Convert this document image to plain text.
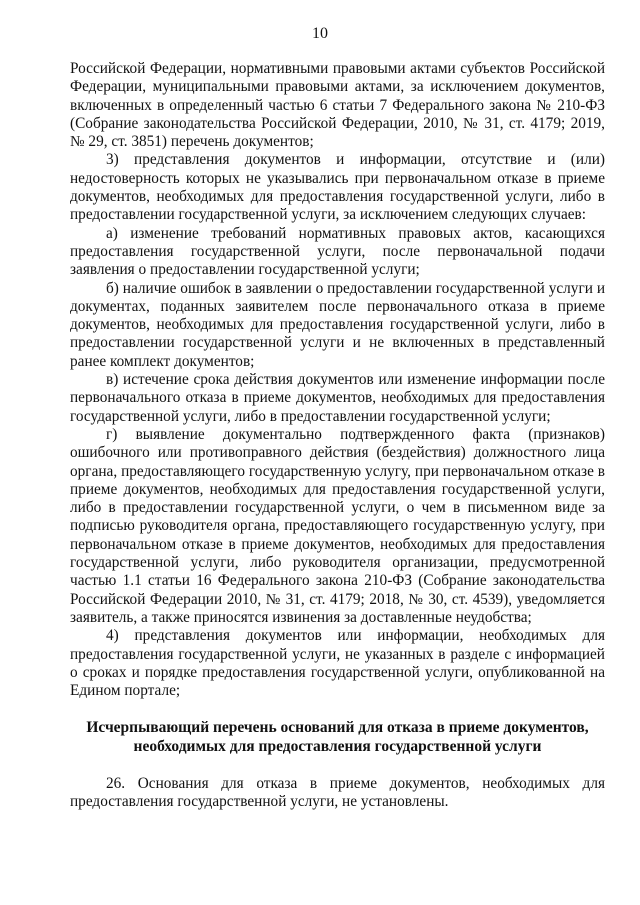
10

Российской Федерации, нормативными правовыми актами субъектов Российской Федерации, муниципальными правовыми актами, за исключением документов, включенных в определенный частью 6 статьи 7 Федерального закона № 210-ФЗ (Собрание законодательства Российской Федерации, 2010, № 31, ст. 4179; 2019, № 29, ст. 3851) перечень документов;

3) представления документов и информации, отсутствие и (или) недостоверность которых не указывались при первоначальном отказе в приеме документов, необходимых для предоставления государственной услуги, либо в предоставлении государственной услуги, за исключением следующих случаев:

а) изменение требований нормативных правовых актов, касающихся предоставления государственной услуги, после первоначальной подачи заявления о предоставлении государственной услуги;

б) наличие ошибок в заявлении о предоставлении государственной услуги и документах, поданных заявителем после первоначального отказа в приеме документов, необходимых для предоставления государственной услуги, либо в предоставлении государственной услуги и не включенных в представленный ранее комплект документов;

в) истечение срока действия документов или изменение информации после первоначального отказа в приеме документов, необходимых для предоставления государственной услуги, либо в предоставлении государственной услуги;

г) выявление документально подтвержденного факта (признаков) ошибочного или противоправного действия (бездействия) должностного лица органа, предоставляющего государственную услугу, при первоначальном отказе в приеме документов, необходимых для предоставления государственной услуги, либо в предоставлении государственной услуги, о чем в письменном виде за подписью руководителя органа, предоставляющего государственную услугу, при первоначальном отказе в приеме документов, необходимых для предоставления государственной услуги, либо руководителя организации, предусмотренной частью 1.1 статьи 16 Федерального закона 210-ФЗ (Собрание законодательства Российской Федерации 2010, № 31, ст. 4179; 2018, № 30, ст. 4539), уведомляется заявитель, а также приносятся извинения за доставленные неудобства;

4) представления документов или информации, необходимых для предоставления государственной услуги, не указанных в разделе с информацией о сроках и порядке предоставления государственной услуги, опубликованной на Едином портале;

Исчерпывающий перечень оснований для отказа в приеме документов, необходимых для предоставления государственной услуги

26. Основания для отказа в приеме документов, необходимых для предоставления государственной услуги, не установлены.
